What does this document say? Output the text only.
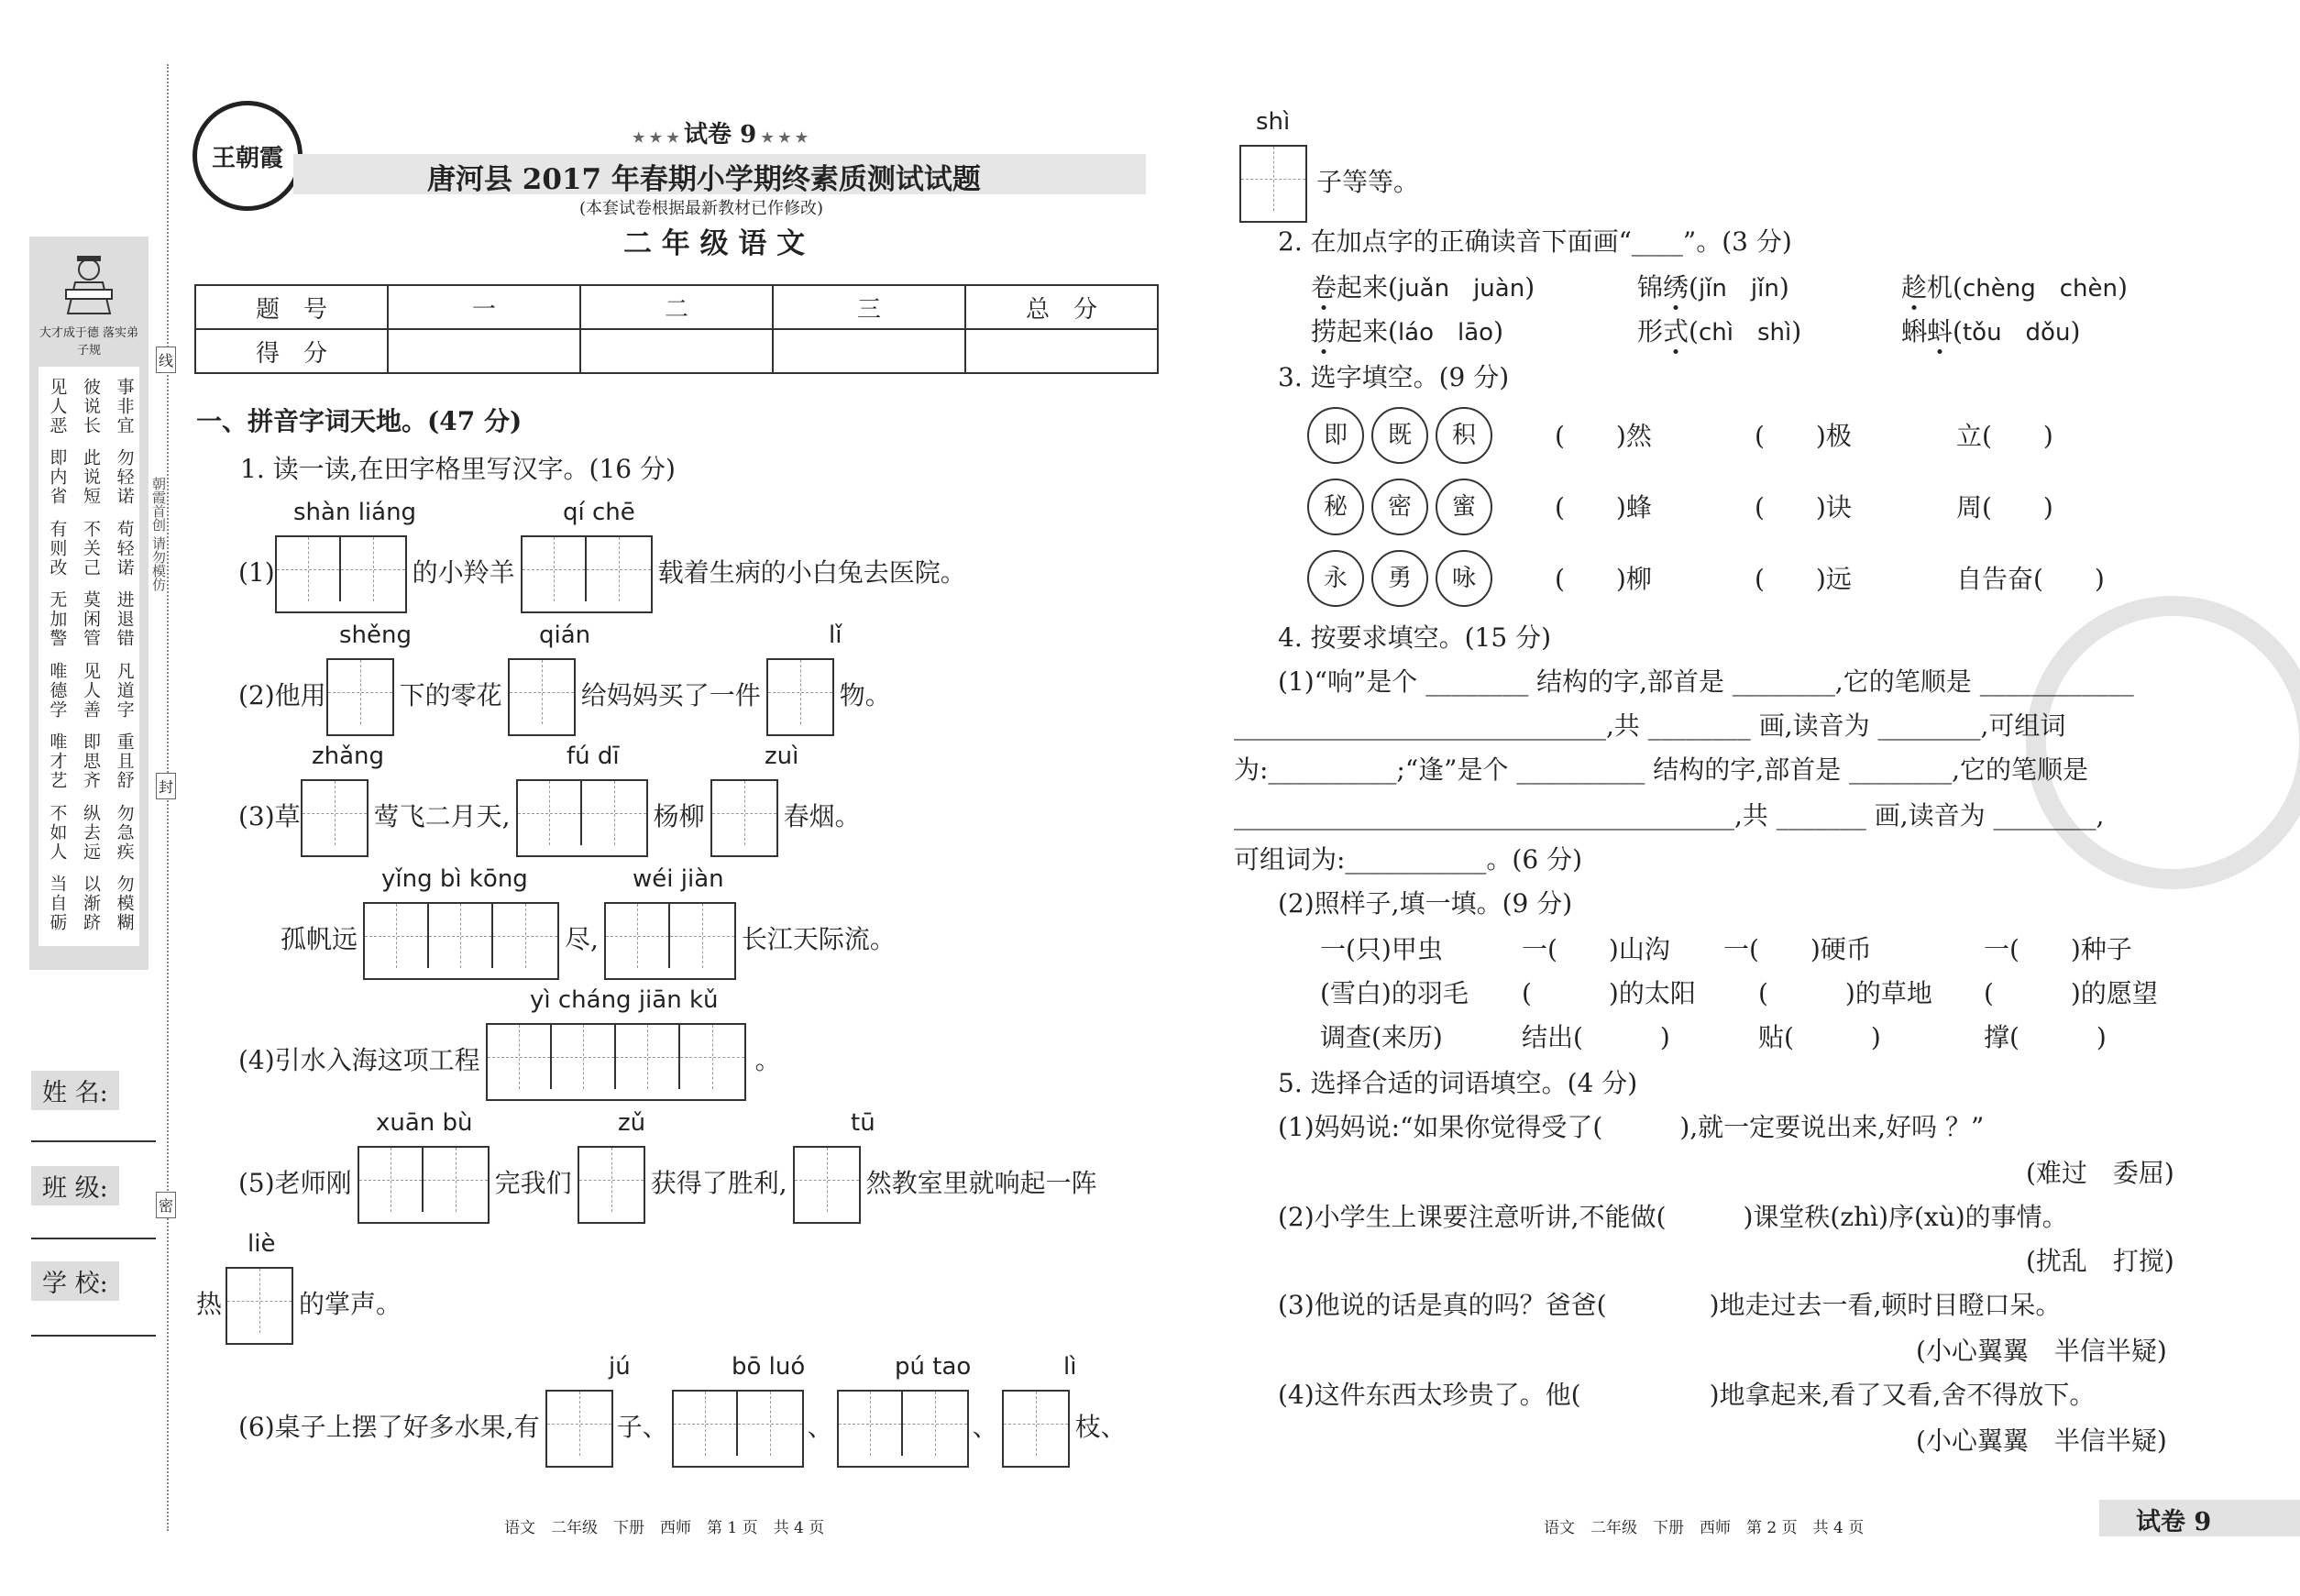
大才成于德 落实弟子规
见人恶 彼说长 事非宜
即内省 此说短 勿轻诺
有则改 不关己 苟轻诺
无加警 莫闲管 进退错
唯德学 见人善 凡道字
唯才艺 即思齐 重且舒
不如人 纵去远 勿急疾
当自砺 以渐跻 勿模糊
朝霞首创 请勿模仿
线
封
密
姓 名:
班 级:
学 校:
王朝霞
★ ★ ★ 试卷 9 ★ ★ ★
唐河县 2017 年春期小学期终素质测试试题
(本套试卷根据最新教材已作修改)
二 年 级 语 文
题　号	一	二	三	总　分
得　分				
一、拼音字词天地。(47 分)
1. 读一读,在田字格里写汉字。(16 分)
shàn liáng	qí chē
(1)	的小羚羊	载着生病的小白兔去医院。
shěng	qián	lǐ
(2)他用	下的零花	给妈妈买了一件	物。
zhǎng	fú dī	zuì
(3)草	莺飞二月天,	杨柳	春烟。
yǐng bì kōng	wéi jiàn
孤帆远	尽,	长江天际流。
yì cháng jiān kǔ
(4)引水入海这项工程	。
xuān bù	zǔ	tū
(5)老师刚	完我们	获得了胜利,	然教室里就响起一阵
liè
热	的掌声。
jú	bō luó	pú tao	lì
(6)桌子上摆了好多水果,有	子、	、	、	枝、
语文　二年级　下册　西师　第 1 页　共 4 页
shì
子等等。
2. 在加点字的正确读音下面画“____”。(3 分)
卷起来(juǎn　juàn)	锦绣(jǐn　jǐn)	趁机(chèng　chèn)
捞起来(láo　lāo)	形式(chì　shì)	蝌蚪(tǒu　dǒu)
3. 选字填空。(9 分)
即	既	积	(　　)然	(　　)极	立(　　)
秘	密	蜜	(　　)蜂	(　　)诀	周(　　)
永	勇	咏	(　　)柳	(　　)远	自告奋(　　)
4. 按要求填空。(15 分)
(1)“响”是个 ________ 结构的字,部首是 ________,它的笔顺是 ____________
_____________________________,共 ________ 画,读音为 ________,可组词
为:__________;“逢”是个 __________ 结构的字,部首是 ________,它的笔顺是
_______________________________________,共 _______ 画,读音为 ________,
可组词为:___________。(6 分)
(2)照样子,填一填。(9 分)
一(只)甲虫	一(　　)山沟 一(　　)硬币	一(　　)种子
(雪白)的羽毛 (　　　)的太阳 (　　　)的草地 (　　　)的愿望
调查(来历)	结出(　　　)	贴(　　　)	撑(　　　)
5. 选择合适的词语填空。(4 分)
(1)妈妈说:“如果你觉得受了(　　　),就一定要说出来,好吗 ？”
(难过　委屈)
(2)小学生上课要注意听讲,不能做(　　　)课堂秩(zhì)序(xù)的事情。
(扰乱　打搅)
(3)他说的话是真的吗？爸爸(　　　　)地走过去一看,顿时目瞪口呆。
(小心翼翼　半信半疑)
(4)这件东西太珍贵了。他(　　　　　)地拿起来,看了又看,舍不得放下。
(小心翼翼　半信半疑)
语文　二年级　下册　西师　第 2 页　共 4 页	试卷 9
